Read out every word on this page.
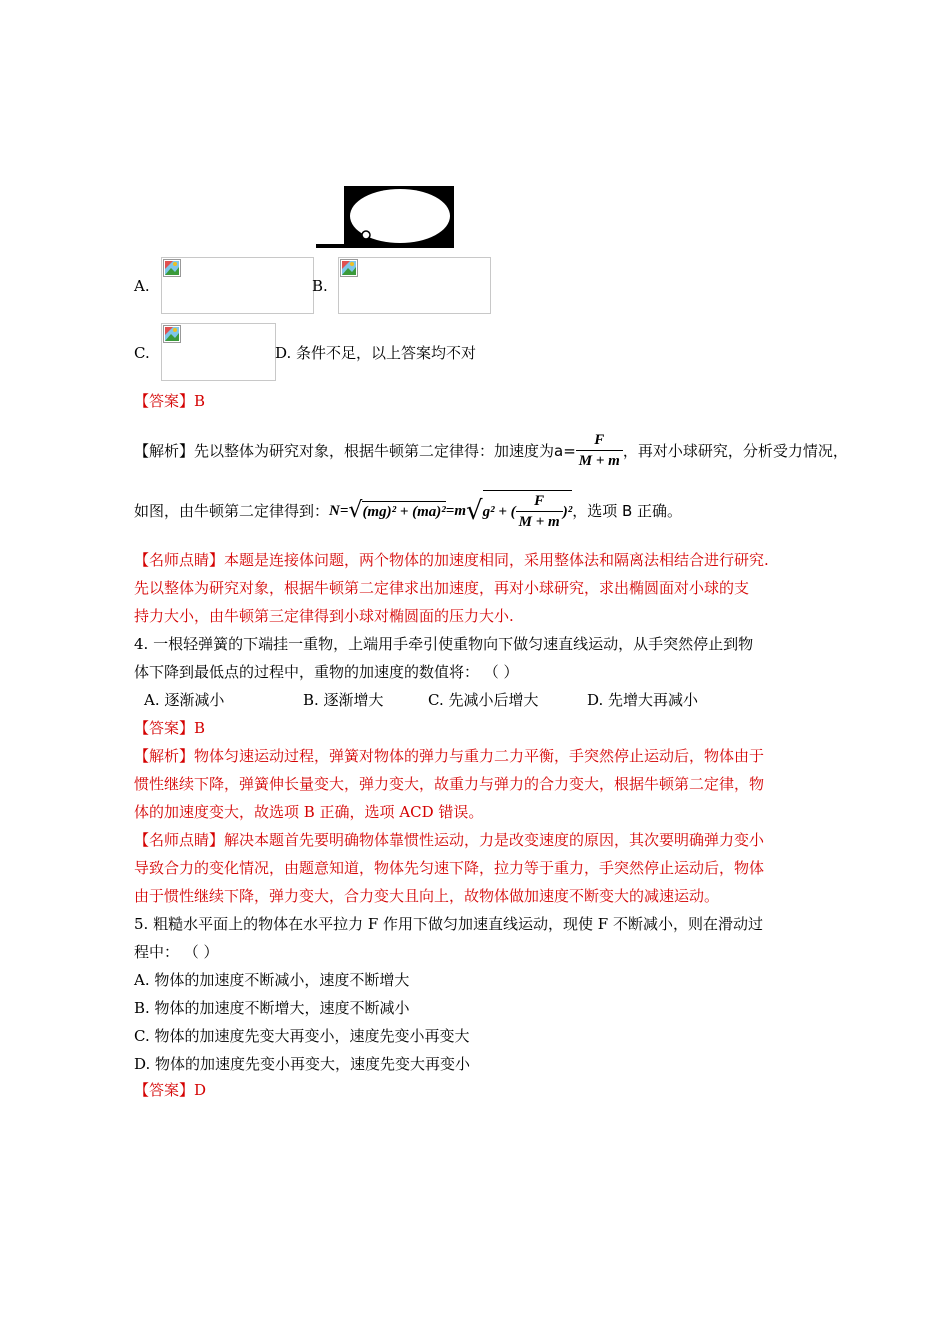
A.	B.
C.	D. 条件不足，以上答案均不对
【答案】B
【解析】先以整体为研究对象，根据牛顿第二定律得：加速度为 $a= \frac{F}{M + m}$ ，再对小球研究，分析受力情况，
如图，由牛顿第二定律得到： N= √ (mg)² + (ma)² =m √ g² + ( $\frac{F}{M + m} )^2$ ，选项 B 正确。
【名师点睛】本题是连接体问题，两个物体的加速度相同，采用整体法和隔离法相结合进行研究.
先以整体为研究对象，根据牛顿第二定律求出加速度，再对小球研究，求出椭圆面对小球的支
持力大小，由牛顿第三定律得到小球对椭圆面的压力大小.
4. 一根轻弹簧的下端挂一重物，上端用手牵引使重物向下做匀速直线运动，从手突然停止到物
体下降到最低点的过程中，重物的加速度的数值将： （ ）
A. 逐渐减小	B. 逐渐增大	C. 先减小后增大	D. 先增大再减小
【答案】B
【解析】物体匀速运动过程，弹簧对物体的弹力与重力二力平衡，手突然停止运动后，物体由于
惯性继续下降，弹簧伸长量变大，弹力变大，故重力与弹力的合力变大，根据牛顿第二定律，物
体的加速度变大，故选项 B 正确，选项 ACD 错误。
【名师点睛】解决本题首先要明确物体靠惯性运动，力是改变速度的原因，其次要明确弹力变小
导致合力的变化情况，由题意知道，物体先匀速下降，拉力等于重力，手突然停止运动后，物体
由于惯性继续下降，弹力变大，合力变大且向上，故物体做加速度不断变大的减速运动。
5. 粗糙水平面上的物体在水平拉力 F 作用下做匀加速直线运动，现使 F 不断减小，则在滑动过
程中： （ ）
A. 物体的加速度不断减小，速度不断增大
B. 物体的加速度不断增大，速度不断减小
C. 物体的加速度先变大再变小，速度先变小再变大
D. 物体的加速度先变小再变大，速度先变大再变小
【答案】D
